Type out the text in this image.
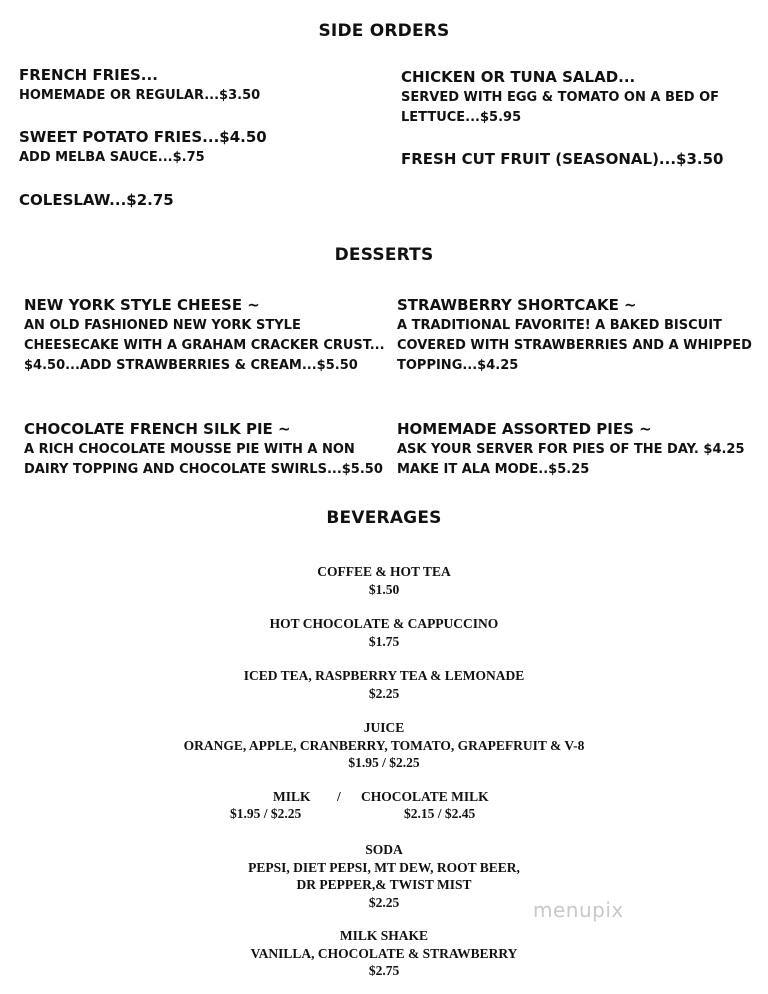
SIDE ORDERS
DESSERTS
BEVERAGES
FRENCH FRIES...
HOMEMADE OR REGULAR...$3.50
SWEET POTATO FRIES...$4.50
ADD MELBA SAUCE...$.75
COLESLAW...$2.75
CHICKEN OR TUNA SALAD...
SERVED WITH EGG & TOMATO ON A BED OF
LETTUCE...$5.95
FRESH CUT FRUIT (SEASONAL)...$3.50
NEW YORK STYLE CHEESE ~
AN OLD FASHIONED NEW YORK STYLE
CHEESECAKE WITH A GRAHAM CRACKER CRUST...
$4.50...ADD STRAWBERRIES & CREAM...$5.50
STRAWBERRY SHORTCAKE ~
A TRADITIONAL FAVORITE! A BAKED BISCUIT
COVERED WITH STRAWBERRIES AND A WHIPPED
TOPPING...$4.25
CHOCOLATE FRENCH SILK PIE ~
A RICH CHOCOLATE MOUSSE PIE WITH A NON
DAIRY TOPPING AND CHOCOLATE SWIRLS...$5.50
HOMEMADE ASSORTED PIES ~
ASK YOUR SERVER FOR PIES OF THE DAY. $4.25
MAKE IT ALA MODE..$5.25
COFFEE & HOT TEA
$1.50
HOT CHOCOLATE & CAPPUCCINO
$1.75
ICED TEA, RASPBERRY TEA & LEMONADE
$2.25
JUICE
ORANGE, APPLE, CRANBERRY, TOMATO, GRAPEFRUIT & V-8
$1.95 / $2.25
MILK / CHOCOLATE MILK
$1.95 / $2.25	$2.15 / $2.45
SODA
PEPSI, DIET PEPSI, MT DEW, ROOT BEER,
DR PEPPER,& TWIST MIST
$2.25
MILK SHAKE
VANILLA, CHOCOLATE & STRAWBERRY
$2.75
menupix
